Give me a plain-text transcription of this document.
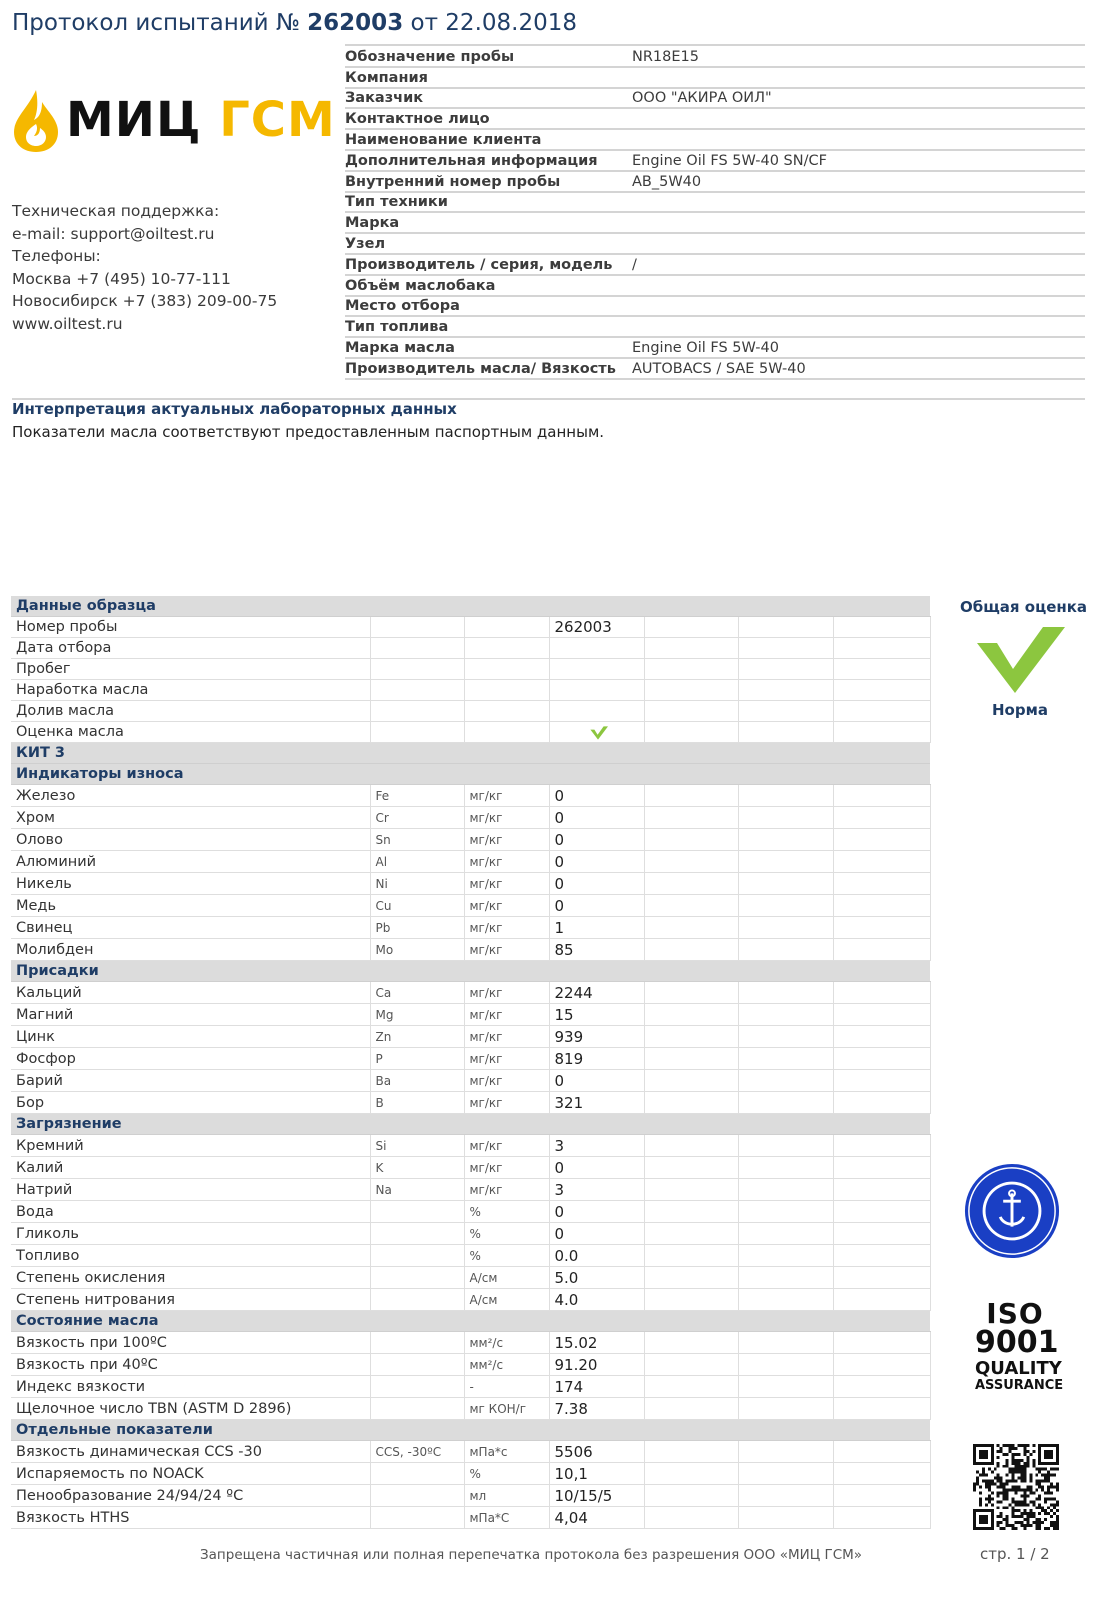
Протокол испытаний № 262003 от 22.08.2018
МИЦ ГСМ
Техническая поддержка:
e-mail: support@oiltest.ru
Телефоны:
Москва +7 (495) 10-77-111
Новосибирск +7 (383) 209-00-75
www.oiltest.ru
Обозначение пробы	NR18E15
Компания
Заказчик	ООО "АКИРА ОИЛ"
Контактное лицо
Наименование клиента
Дополнительная информация	Engine Oil FS 5W-40 SN/CF
Внутренний номер пробы	AB_5W40
Тип техники
Марка
Узел
Производитель / серия, модель	/
Объём маслобака
Место отбора
Тип топлива
Марка масла	Engine Oil FS 5W-40
Производитель масла/ Вязкость	AUTOBACS / SAE 5W-40
Интерпретация актуальных лабораторных данных
Показатели масла соответствуют предоставленным паспортным данным.
Данные образца						
Номер пробы			262003			
Дата отбора						
Пробег						
Наработка масла						
Долив масла						
Оценка масла						
КИТ 3						
Индикаторы износа						
Железо	Fe	мг/кг	0			
Хром	Cr	мг/кг	0			
Олово	Sn	мг/кг	0			
Алюминий	Al	мг/кг	0			
Никель	Ni	мг/кг	0			
Медь	Cu	мг/кг	0			
Свинец	Pb	мг/кг	1			
Молибден	Mo	мг/кг	85			
Присадки						
Кальций	Ca	мг/кг	2244			
Магний	Mg	мг/кг	15			
Цинк	Zn	мг/кг	939			
Фосфор	P	мг/кг	819			
Барий	Ba	мг/кг	0			
Бор	B	мг/кг	321			
Загрязнение						
Кремний	Si	мг/кг	3			
Калий	K	мг/кг	0			
Натрий	Na	мг/кг	3			
Вода		%	0			
Гликоль		%	0			
Топливо		%	0.0			
Степень окисления		А/см	5.0			
Степень нитрования		А/см	4.0			
Состояние масла						
Вязкость при 100ºC		мм²/с	15.02			
Вязкость при 40ºC		мм²/с	91.20			
Индекс вязкости		-	174			
Щелочное число TBN (ASTM D 2896)		мг КОН/г	7.38			
Отдельные показатели						
Вязкость динамическая CCS -30	CCS, -30ºC	мПа*с	5506			
Испаряемость по NOACK		%	10,1			
Пенообразование 24/94/24 ºC		мл	10/15/5			
Вязкость HTHS		мПа*С	4,04			
Общая оценка
Норма
ISO
9001
QUALITY
ASSURANCE
Запрещена частичная или полная перепечатка протокола без разрешения ООО «МИЦ ГСМ»	стр. 1 / 2
